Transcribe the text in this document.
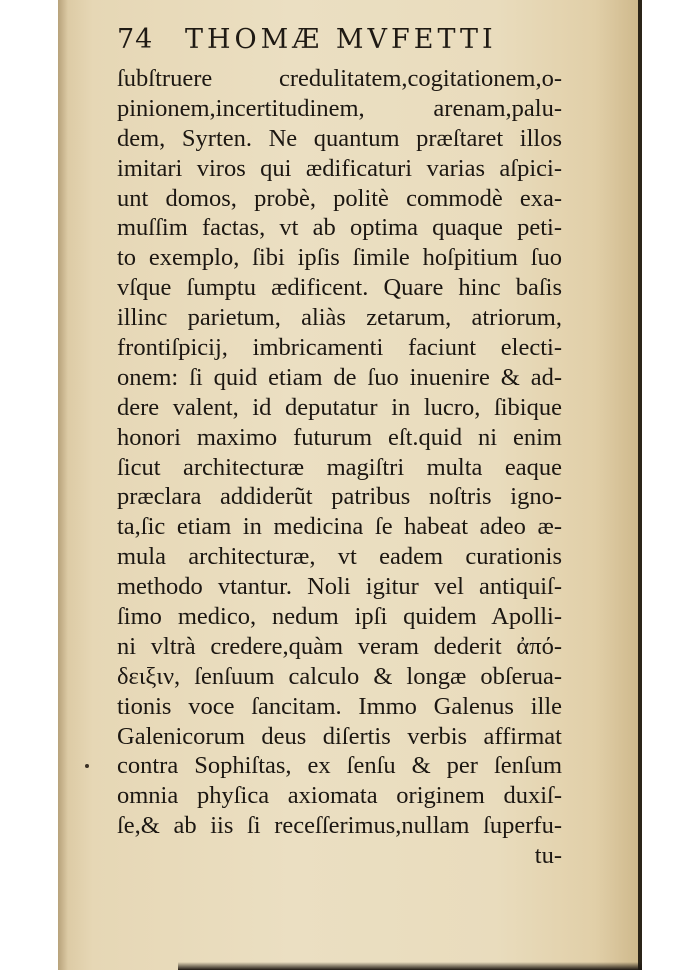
74 THOMÆ MVFETTI
ſubſtruere credulitatem,cogitationem,o-
pinionem,incertitudinem, arenam,palu-
dem, Syrten. Ne quantum præſtaret illos
imitari viros qui ædificaturi varias aſpici-
unt domos, probè, politè commodè exa-
muſſim factas, vt ab optima quaque peti-
to exemplo, ſibi ipſis ſimile hoſpitium ſuo
vſque ſumptu ædificent. Quare hinc baſis
illinc parietum, aliàs zetarum, atriorum,
frontiſpicij, imbricamenti faciunt electi-
onem: ſi quid etiam de ſuo inuenire & ad-
dere valent, id deputatur in lucro, ſibique
honori maximo futurum eſt.quid ni enim
ſicut architecturæ magiſtri multa eaque
præclara addiderũt patribus noſtris igno-
ta,ſic etiam in medicina ſe habeat adeo æ-
mula architecturæ, vt eadem curationis
methodo vtantur. Noli igitur vel antiquiſ-
ſimo medico, nedum ipſi quidem Apolli-
ni vltrà credere,quàm veram dederit ἀπό-
δειξιν, ſenſuum calculo & longæ obſerua-
tionis voce ſancitam. Immo Galenus ille
Galenicorum deus diſertis verbis affirmat
contra Sophiſtas, ex ſenſu & per ſenſum
omnia phyſica axiomata originem duxiſ-
ſe,& ab iis ſi receſſerimus,nullam ſuperfu-
tu-
